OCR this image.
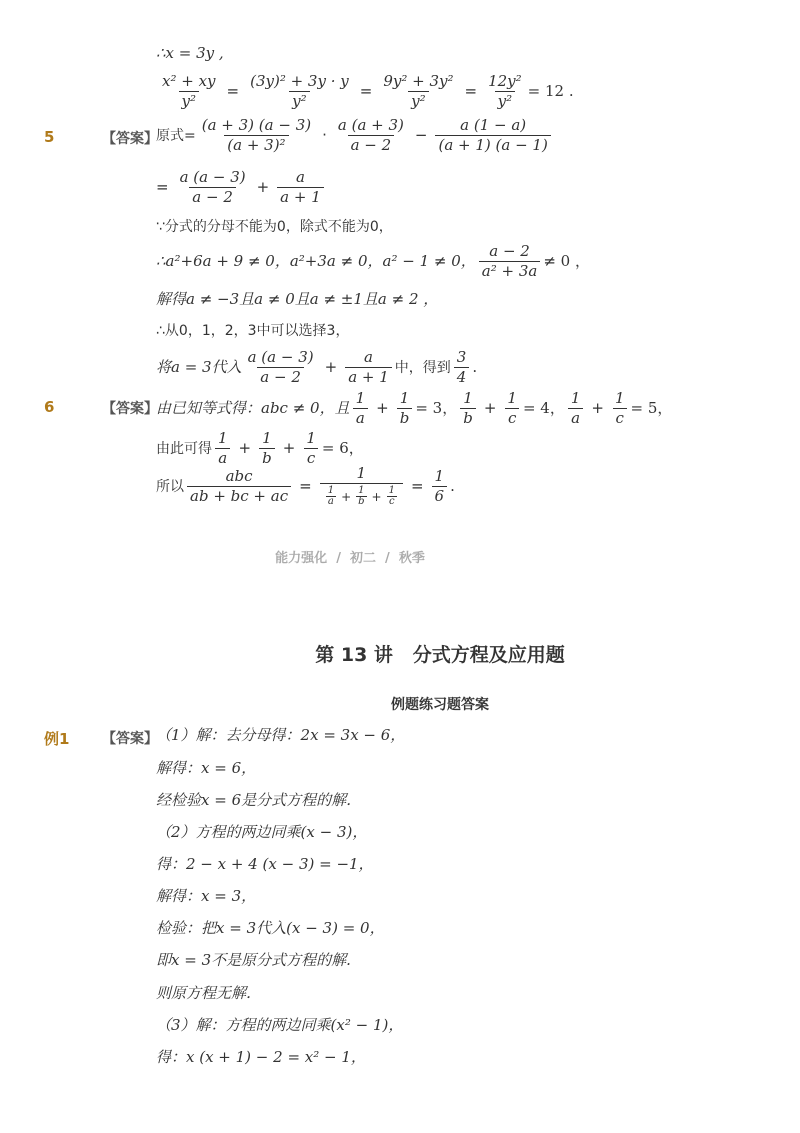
∴x = 3y ,
$\frac{\text{x² + xy}}{\text{y²}} = \frac{\text{(3y)² + 3y · y}}{\text{y²}} = \frac{\text{9y² + 3y²}}{\text{y²}} = \frac{\text{12y²}}{\text{y²}} = 12$ .
5	【答案】
原式= $\frac{(a + 3) (a - 3)}{\text{(a + 3)²}} \cdot \frac{a (a + 3)}{a - 2} - \frac{a (1 - a)}{(a + 1) (a - 1)}$
= $\frac{a (a - 3)}{a - 2} + \frac{a}{a + 1}$
∵分式的分母不能为0，除式不能为0，
∴a²+6a + 9 ≠ 0，a²+3a ≠ 0，a² − 1 ≠ 0， $\frac{a - 2}{\text{a² + 3a}} \ne 0$ ，
解得a ≠ −3且a ≠ 0且a ≠ ±1且a ≠ 2 ，
∴从0，1，2，3中可以选择3，
将a = 3代入 $\frac{a (a - 3)}{a - 2} + \frac{a}{a + 1}$ 中，得到 $\frac{3}{4}$ .
6	【答案】
由已知等式得：abc ≠ 0，且 $\frac{1}{a} + \frac{1}{b} = 3$， $\frac{1}{b} + \frac{1}{c} = 4$， $\frac{1}{a} + \frac{1}{c} = 5$，
由此可得 $\frac{1}{a} + \frac{1}{b} + \frac{1}{c} = 6$，
所以 $\frac{\text{abc}}{ab + bc + ac} = \frac{1}{\frac{1}{a} + \frac{1}{b} + \frac{1}{c}} = \frac{1}{6}$ .
能力强化  /  初二  /  秋季
第 13 讲   分式方程及应用题
例题练习题答案
例1 【答案】
（1）解：去分母得：2x = 3x − 6，
解得：x = 6，
经检验x = 6是分式方程的解．
（2）方程的两边同乘(x − 3)，
得：2 − x + 4 (x − 3) = −1，
解得：x = 3，
检验：把x = 3代入(x − 3) = 0，
即x = 3不是原分式方程的解.
则原方程无解．
（3）解：方程的两边同乘(x² − 1)，
得：x (x + 1) − 2 = x² − 1，
